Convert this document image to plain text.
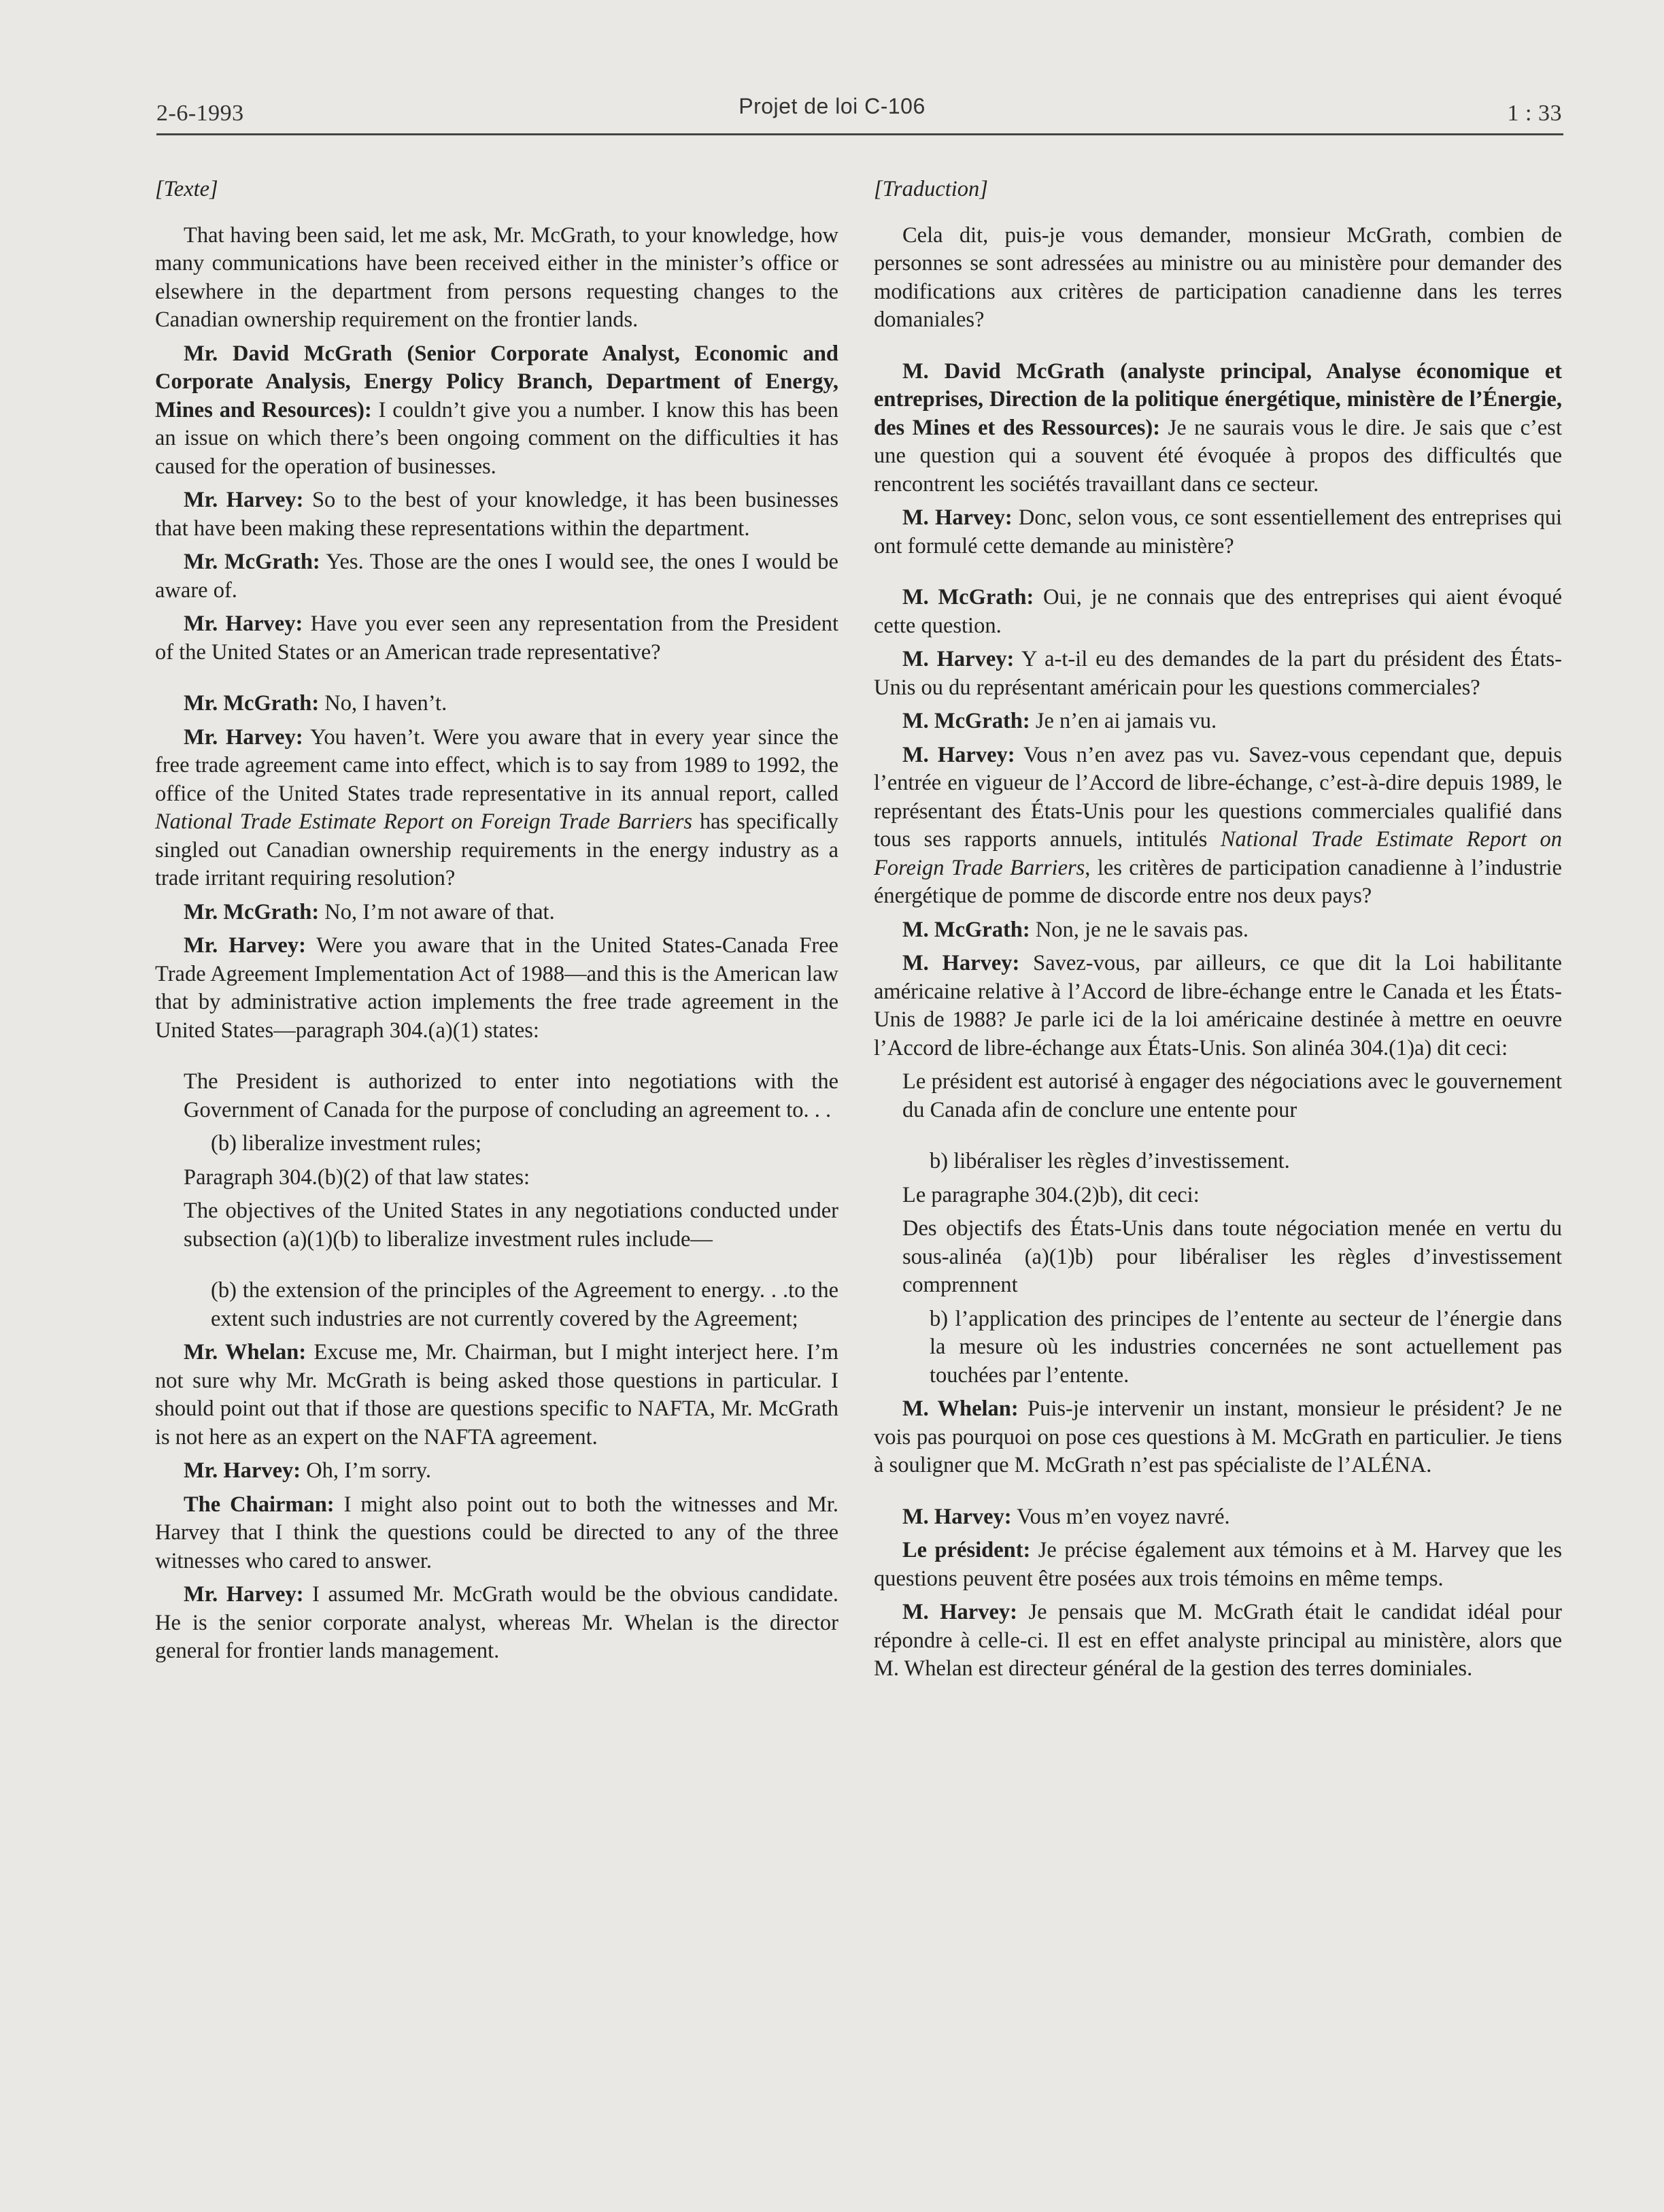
2-6-1993	Projet de loi C-106	1 : 33

[Texte]

That having been said, let me ask, Mr. McGrath, to your knowledge, how many communications have been received either in the minister’s office or elsewhere in the department from persons requesting changes to the Canadian ownership requirement on the frontier lands.

Mr. David McGrath (Senior Corporate Analyst, Economic and Corporate Analysis, Energy Policy Branch, Department of Energy, Mines and Resources): I couldn’t give you a number. I know this has been an issue on which there’s been ongoing comment on the difficulties it has caused for the operation of businesses.

Mr. Harvey: So to the best of your knowledge, it has been businesses that have been making these representations within the department.

Mr. McGrath: Yes. Those are the ones I would see, the ones I would be aware of.

Mr. Harvey: Have you ever seen any representation from the President of the United States or an American trade representative?

Mr. McGrath: No, I haven’t.

Mr. Harvey: You haven’t. Were you aware that in every year since the free trade agreement came into effect, which is to say from 1989 to 1992, the office of the United States trade representative in its annual report, called National Trade Estimate Report on Foreign Trade Barriers has specifically singled out Canadian ownership requirements in the energy industry as a trade irritant requiring resolution?

Mr. McGrath: No, I’m not aware of that.

Mr. Harvey: Were you aware that in the United States-Canada Free Trade Agreement Implementation Act of 1988—and this is the American law that by administrative action implements the free trade agreement in the United States—paragraph 304.(a)(1) states:

The President is authorized to enter into negotiations with the Government of Canada for the purpose of concluding an agreement to. . .

(b) liberalize investment rules;

Paragraph 304.(b)(2) of that law states:

The objectives of the United States in any negotiations conducted under subsection (a)(1)(b) to liberalize investment rules include—

(b) the extension of the principles of the Agreement to energy. . .to the extent such industries are not currently covered by the Agreement;

Mr. Whelan: Excuse me, Mr. Chairman, but I might interject here. I’m not sure why Mr. McGrath is being asked those questions in particular. I should point out that if those are questions specific to NAFTA, Mr. McGrath is not here as an expert on the NAFTA agreement.

Mr. Harvey: Oh, I’m sorry.

The Chairman: I might also point out to both the witnesses and Mr. Harvey that I think the questions could be directed to any of the three witnesses who cared to answer.

Mr. Harvey: I assumed Mr. McGrath would be the obvious candidate. He is the senior corporate analyst, whereas Mr. Whelan is the director general for frontier lands management.

[Traduction]

Cela dit, puis-je vous demander, monsieur McGrath, combien de personnes se sont adressées au ministre ou au ministère pour demander des modifications aux critères de participation canadienne dans les terres domaniales?

M. David McGrath (analyste principal, Analyse économique et entreprises, Direction de la politique énergétique, ministère de l’Énergie, des Mines et des Ressources): Je ne saurais vous le dire. Je sais que c’est une question qui a souvent été évoquée à propos des difficultés que rencontrent les sociétés travaillant dans ce secteur.

M. Harvey: Donc, selon vous, ce sont essentiellement des entreprises qui ont formulé cette demande au ministère?

M. McGrath: Oui, je ne connais que des entreprises qui aient évoqué cette question.

M. Harvey: Y a-t-il eu des demandes de la part du président des États-Unis ou du représentant américain pour les questions commerciales?

M. McGrath: Je n’en ai jamais vu.

M. Harvey: Vous n’en avez pas vu. Savez-vous cependant que, depuis l’entrée en vigueur de l’Accord de libre-échange, c’est-à-dire depuis 1989, le représentant des États-Unis pour les questions commerciales qualifié dans tous ses rapports annuels, intitulés National Trade Estimate Report on Foreign Trade Barriers, les critères de participation canadienne à l’industrie énergétique de pomme de discorde entre nos deux pays?

M. McGrath: Non, je ne le savais pas.

M. Harvey: Savez-vous, par ailleurs, ce que dit la Loi habilitante américaine relative à l’Accord de libre-échange entre le Canada et les États-Unis de 1988? Je parle ici de la loi américaine destinée à mettre en oeuvre l’Accord de libre-échange aux États-Unis. Son alinéa 304.(1)a) dit ceci:

Le président est autorisé à engager des négociations avec le gouvernement du Canada afin de conclure une entente pour

b) libéraliser les règles d’investissement.

Le paragraphe 304.(2)b), dit ceci:

Des objectifs des États-Unis dans toute négociation menée en vertu du sous-alinéa (a)(1)b) pour libéraliser les règles d’investissement comprennent

b) l’application des principes de l’entente au secteur de l’énergie dans la mesure où les industries concernées ne sont actuellement pas touchées par l’entente.

M. Whelan: Puis-je intervenir un instant, monsieur le président? Je ne vois pas pourquoi on pose ces questions à M. McGrath en particulier. Je tiens à souligner que M. McGrath n’est pas spécialiste de l’ALÉNA.

M. Harvey: Vous m’en voyez navré.

Le président: Je précise également aux témoins et à M. Harvey que les questions peuvent être posées aux trois témoins en même temps.

M. Harvey: Je pensais que M. McGrath était le candidat idéal pour répondre à celle-ci. Il est en effet analyste principal au ministère, alors que M. Whelan est directeur général de la gestion des terres dominiales.
